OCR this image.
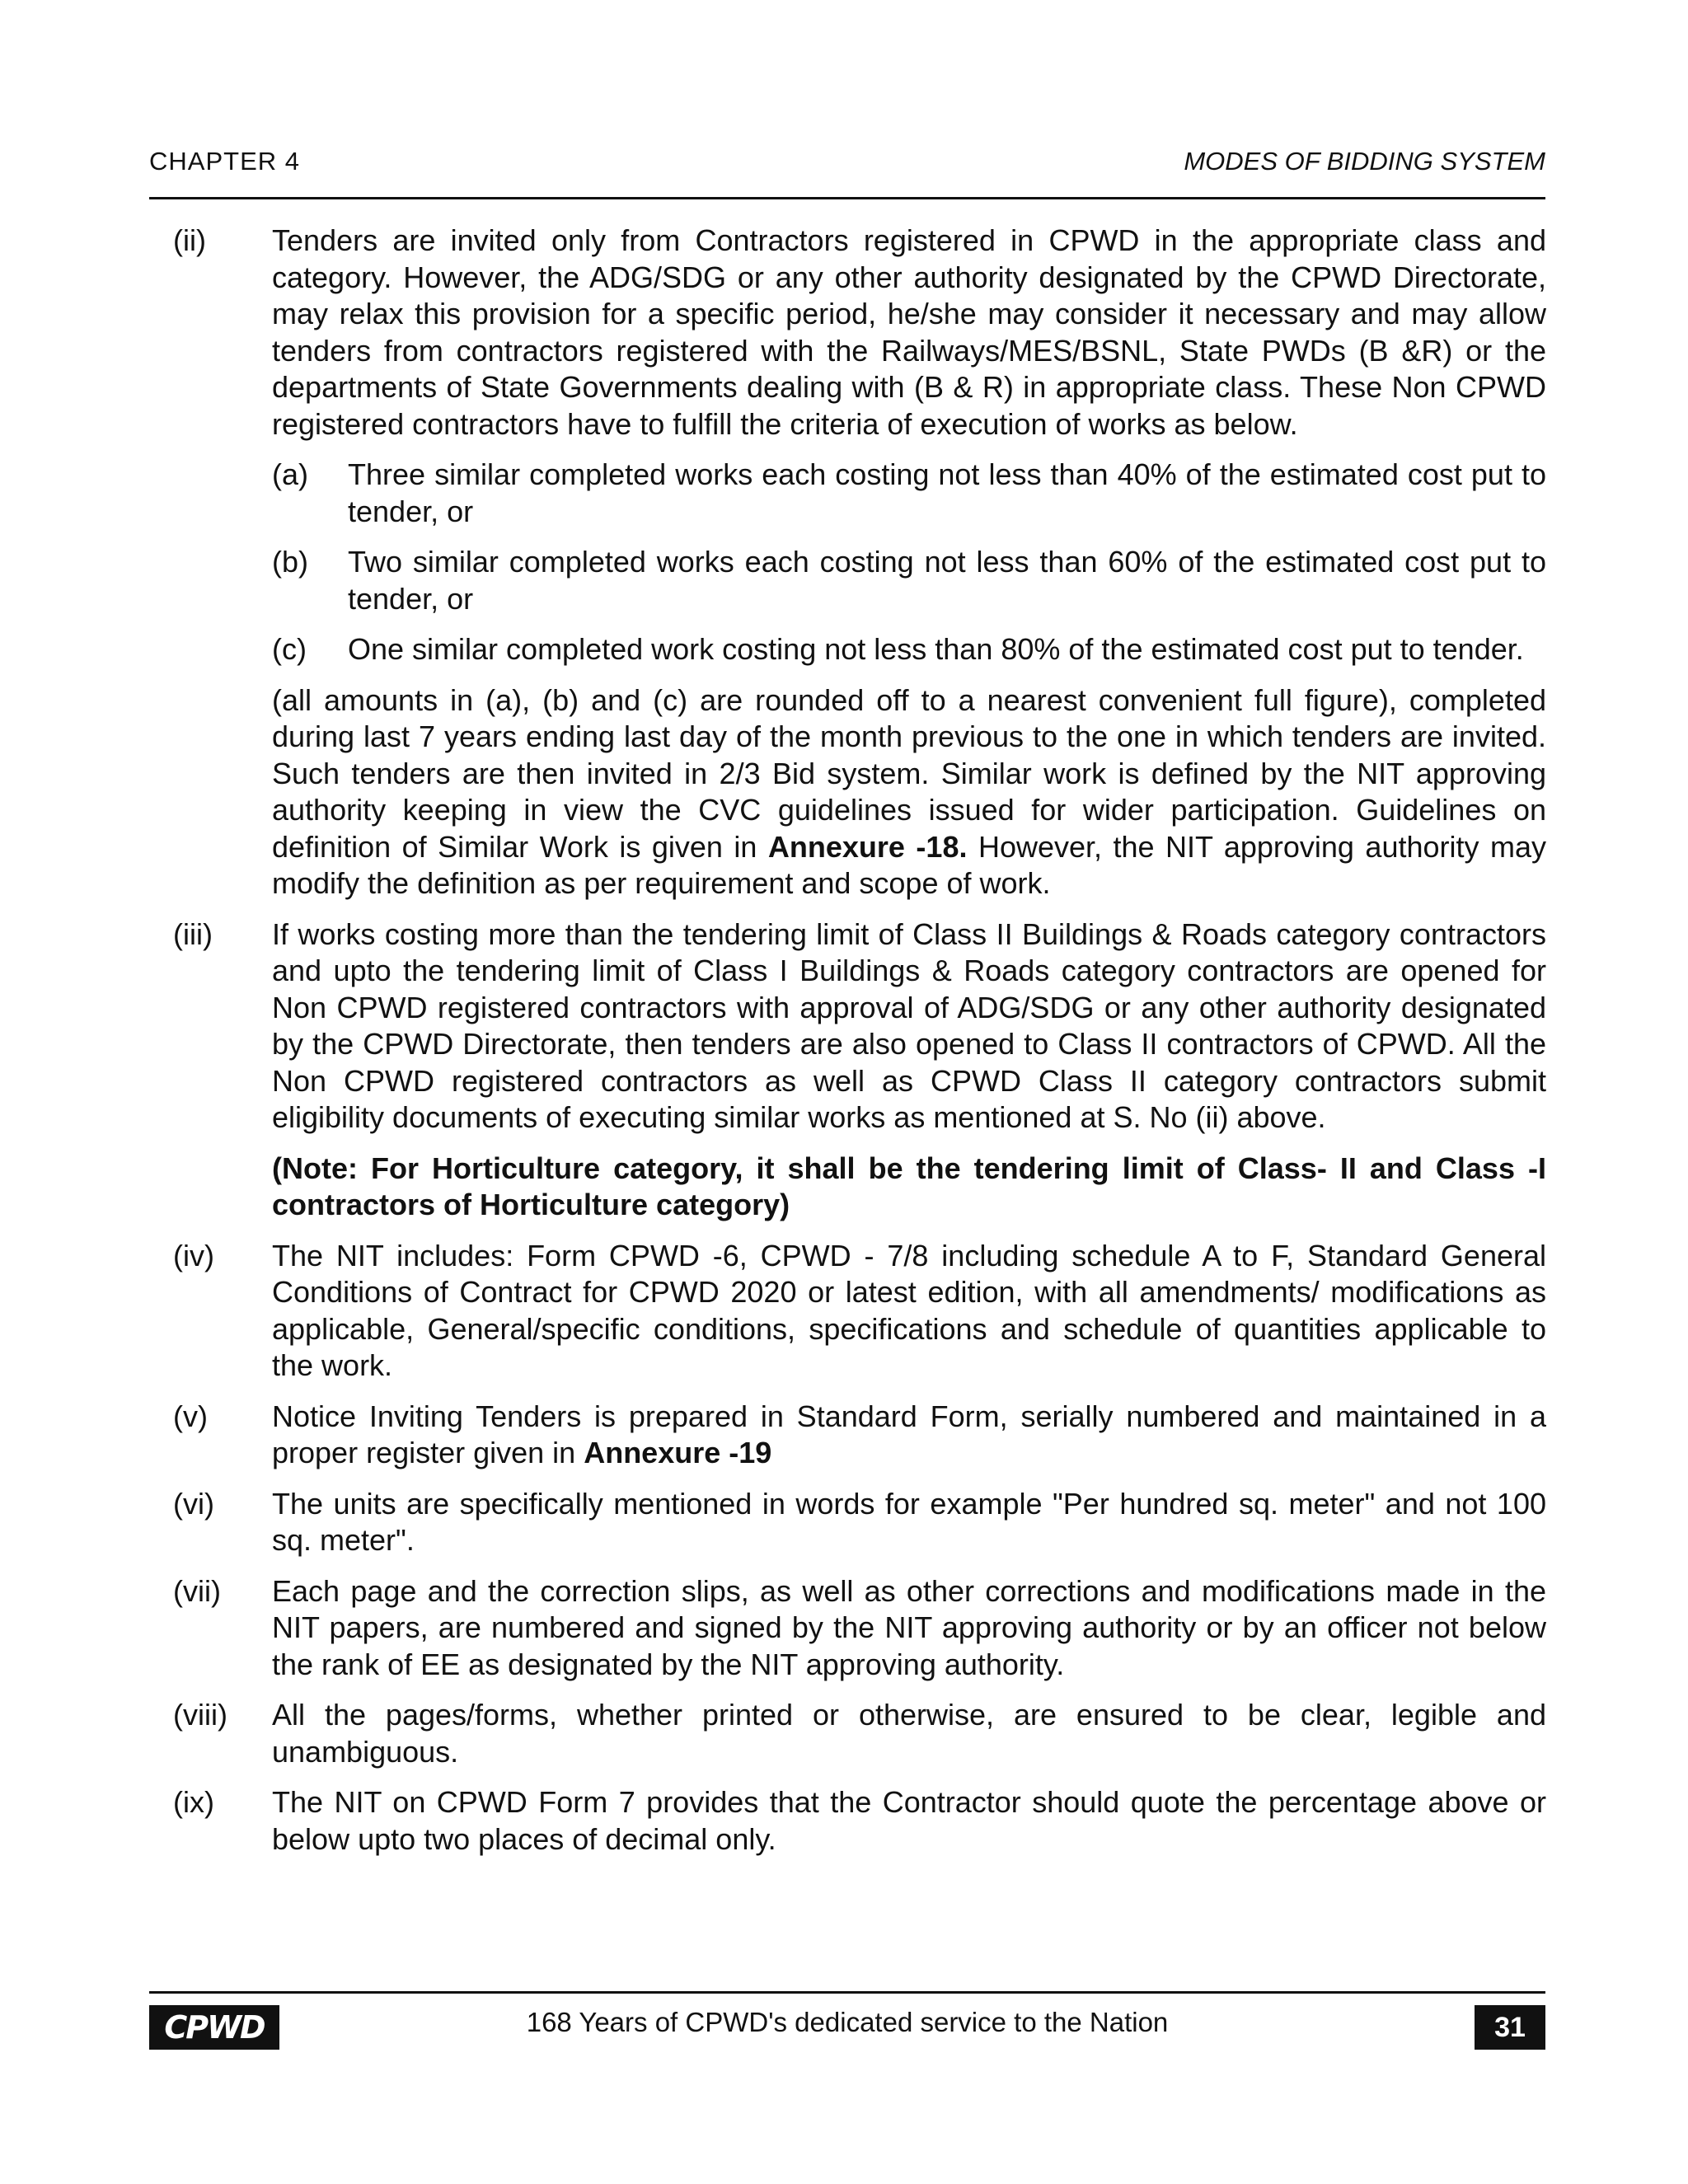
CHAPTER 4	MODES OF BIDDING SYSTEM
(ii) Tenders are invited only from Contractors registered in CPWD in the appropriate class and category. However, the ADG/SDG or any other authority designated by the CPWD Directorate, may relax this provision for a specific period, he/she may consider it necessary and may allow tenders from contractors registered with the Railways/MES/BSNL, State PWDs (B &R) or the departments of State Governments dealing with (B & R) in appropriate class. These Non CPWD registered contractors have to fulfill the criteria of execution of works as below.
(a) Three similar completed works each costing not less than 40% of the estimated cost put to tender, or
(b) Two similar completed works each costing not less than 60% of the estimated cost put to tender, or
(c) One similar completed work costing not less than 80% of the estimated cost put to tender.
(all amounts in (a), (b) and (c) are rounded off to a nearest convenient full figure), completed during last 7 years ending last day of the month previous to the one in which tenders are invited. Such tenders are then invited in 2/3 Bid system. Similar work is defined by the NIT approving authority keeping in view the CVC guidelines issued for wider participation. Guidelines on definition of Similar Work is given in Annexure -18. However, the NIT approving authority may modify the definition as per requirement and scope of work.
(iii) If works costing more than the tendering limit of Class II Buildings & Roads category contractors and upto the tendering limit of Class I Buildings & Roads category contractors are opened for Non CPWD registered contractors with approval of ADG/SDG or any other authority designated by the CPWD Directorate, then tenders are also opened to Class II contractors of CPWD. All the Non CPWD registered contractors as well as CPWD Class II category contractors submit eligibility documents of executing similar works as mentioned at S. No (ii) above.
(Note: For Horticulture category, it shall be the tendering limit of Class- II and Class -I contractors of Horticulture category)
(iv) The NIT includes: Form CPWD -6, CPWD - 7/8 including schedule A to F, Standard General Conditions of Contract for CPWD 2020 or latest edition, with all amendments/ modifications as applicable, General/specific conditions, specifications and schedule of quantities applicable to the work.
(v) Notice Inviting Tenders is prepared in Standard Form, serially numbered and maintained in a proper register given in Annexure -19
(vi) The units are specifically mentioned in words for example "Per hundred sq. meter" and not 100 sq. meter".
(vii) Each page and the correction slips, as well as other corrections and modifications made in the NIT papers, are numbered and signed by the NIT approving authority or by an officer not below the rank of EE as designated by the NIT approving authority.
(viii) All the pages/forms, whether printed or otherwise, are ensured to be clear, legible and unambiguous.
(ix) The NIT on CPWD Form 7 provides that the Contractor should quote the percentage above or below upto two places of decimal only.
CPWD	168 Years of CPWD's dedicated service to the Nation	31
